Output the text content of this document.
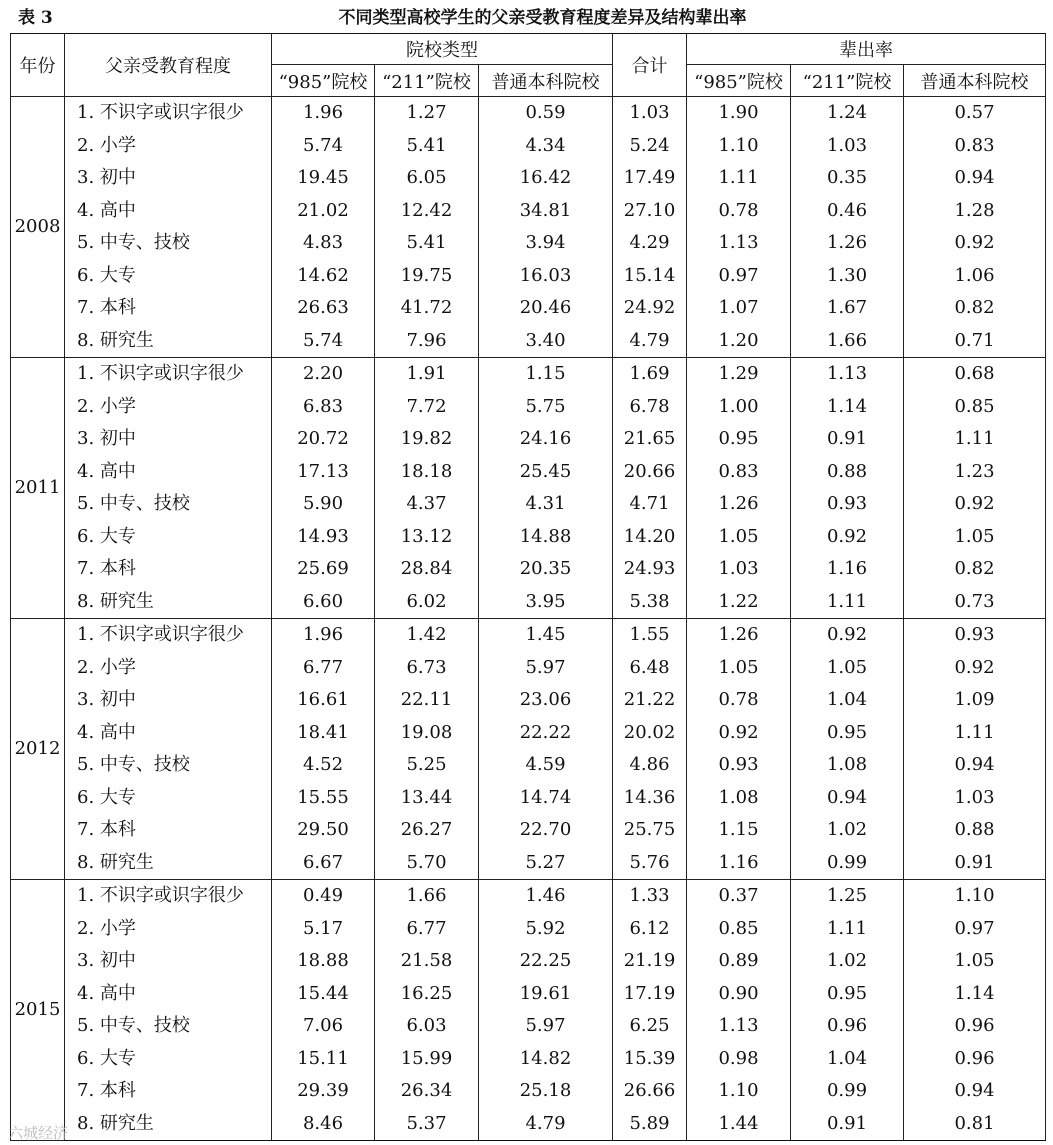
表 3	不同类型高校学生的父亲受教育程度差异及结构辈出率
年份	父亲受教育程度	院校类型			合计	辈出率		
		“985”院校	“211”院校	普通本科院校		“985”院校	“211”院校	普通本科院校
2008	1. 不识字或识字很少	1.96	1.27	0.59	1.03	1.90	1.24	0.57
	2. 小学	5.74	5.41	4.34	5.24	1.10	1.03	0.83
	3. 初中	19.45	6.05	16.42	17.49	1.11	0.35	0.94
	4. 高中	21.02	12.42	34.81	27.10	0.78	0.46	1.28
	5. 中专、技校	4.83	5.41	3.94	4.29	1.13	1.26	0.92
	6. 大专	14.62	19.75	16.03	15.14	0.97	1.30	1.06
	7. 本科	26.63	41.72	20.46	24.92	1.07	1.67	0.82
	8. 研究生	5.74	7.96	3.40	4.79	1.20	1.66	0.71
2011	1. 不识字或识字很少	2.20	1.91	1.15	1.69	1.29	1.13	0.68
	2. 小学	6.83	7.72	5.75	6.78	1.00	1.14	0.85
	3. 初中	20.72	19.82	24.16	21.65	0.95	0.91	1.11
	4. 高中	17.13	18.18	25.45	20.66	0.83	0.88	1.23
	5. 中专、技校	5.90	4.37	4.31	4.71	1.26	0.93	0.92
	6. 大专	14.93	13.12	14.88	14.20	1.05	0.92	1.05
	7. 本科	25.69	28.84	20.35	24.93	1.03	1.16	0.82
	8. 研究生	6.60	6.02	3.95	5.38	1.22	1.11	0.73
2012	1. 不识字或识字很少	1.96	1.42	1.45	1.55	1.26	0.92	0.93
	2. 小学	6.77	6.73	5.97	6.48	1.05	1.05	0.92
	3. 初中	16.61	22.11	23.06	21.22	0.78	1.04	1.09
	4. 高中	18.41	19.08	22.22	20.02	0.92	0.95	1.11
	5. 中专、技校	4.52	5.25	4.59	4.86	0.93	1.08	0.94
	6. 大专	15.55	13.44	14.74	14.36	1.08	0.94	1.03
	7. 本科	29.50	26.27	22.70	25.75	1.15	1.02	0.88
	8. 研究生	6.67	5.70	5.27	5.76	1.16	0.99	0.91
2015	1. 不识字或识字很少	0.49	1.66	1.46	1.33	0.37	1.25	1.10
	2. 小学	5.17	6.77	5.92	6.12	0.85	1.11	0.97
	3. 初中	18.88	21.58	22.25	21.19	0.89	1.02	1.05
	4. 高中	15.44	16.25	19.61	17.19	0.90	0.95	1.14
	5. 中专、技校	7.06	6.03	5.97	6.25	1.13	0.96	0.96
	6. 大专	15.11	15.99	14.82	15.39	0.98	1.04	0.96
	7. 本科	29.39	26.34	25.18	26.66	1.10	0.99	0.94
	8. 研究生	8.46	5.37	4.79	5.89	1.44	0.91	0.81
六城经济
